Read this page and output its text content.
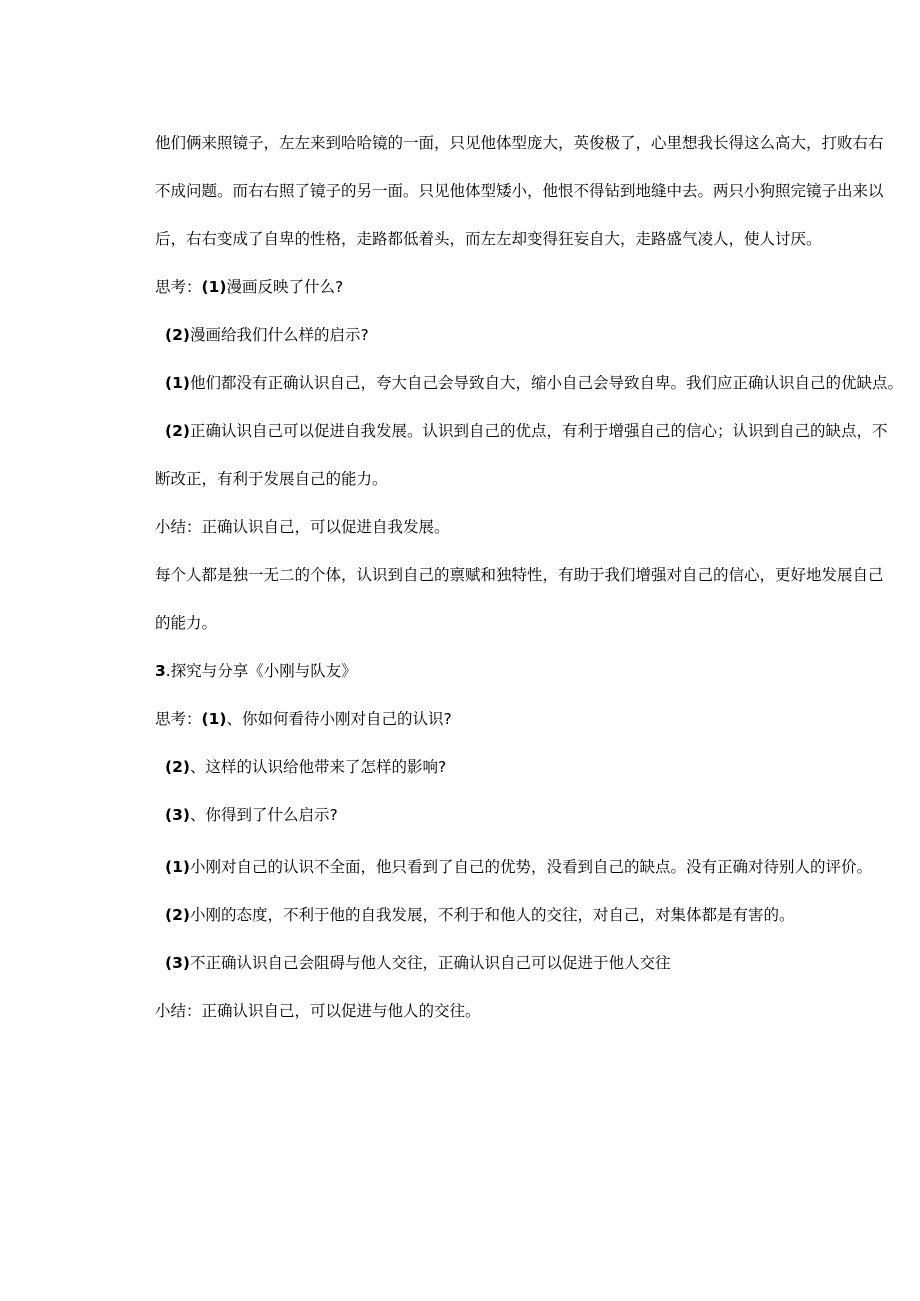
他们俩来照镜子，左左来到哈哈镜的一面，只见他体型庞大，英俊极了，心里想我长得这么高大，打败右右
不成问题。而右右照了镜子的另一面。只见他体型矮小，他恨不得钻到地缝中去。两只小狗照完镜子出来以
后，右右变成了自卑的性格，走路都低着头，而左左却变得狂妄自大，走路盛气凌人，使人讨厌。
思考：(1)漫画反映了什么?
(2)漫画给我们什么样的启示?
(1)他们都没有正确认识自己，夸大自己会导致自大，缩小自己会导致自卑。我们应正确认识自己的优缺点。
(2)正确认识自己可以促进自我发展。认识到自己的优点，有利于增强自己的信心；认识到自己的缺点，不
断改正，有利于发展自己的能力。
小结：正确认识自己，可以促进自我发展。
每个人都是独一无二的个体，认识到自己的禀赋和独特性，有助于我们增强对自己的信心，更好地发展自己
的能力。
3.探究与分享《小刚与队友》
思考：(1)、你如何看待小刚对自己的认识?
(2)、这样的认识给他带来了怎样的影响?
(3)、你得到了什么启示?
(1)小刚对自己的认识不全面，他只看到了自己的优势，没看到自己的缺点。没有正确对待别人的评价。
(2)小刚的态度，不利于他的自我发展，不利于和他人的交往，对自己，对集体都是有害的。
(3)不正确认识自己会阻碍与他人交往，正确认识自己可以促进于他人交往
小结：正确认识自己，可以促进与他人的交往。
